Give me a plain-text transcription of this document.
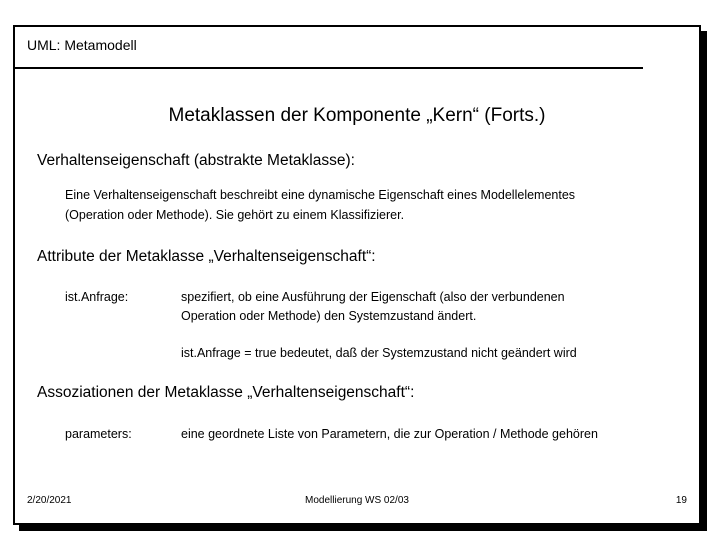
UML: Metamodell
Metaklassen der Komponente „Kern“ (Forts.)
Verhaltenseigenschaft (abstrakte Metaklasse):
Eine Verhaltenseigenschaft beschreibt eine dynamische Eigenschaft eines Modellelementes
(Operation oder Methode). Sie gehört zu einem Klassifizierer.
Attribute der Metaklasse „Verhaltenseigenschaft“:
ist.Anfrage:	spezifiert, ob eine Ausführung der Eigenschaft (also der verbundenen
Operation oder Methode) den Systemzustand ändert.
ist.Anfrage = true bedeutet, daß der Systemzustand nicht geändert wird
Assoziationen der Metaklasse „Verhaltenseigenschaft“:
parameters:	eine geordnete Liste von Parametern, die zur Operation / Methode gehören
2/20/2021	Modellierung WS 02/03	19
